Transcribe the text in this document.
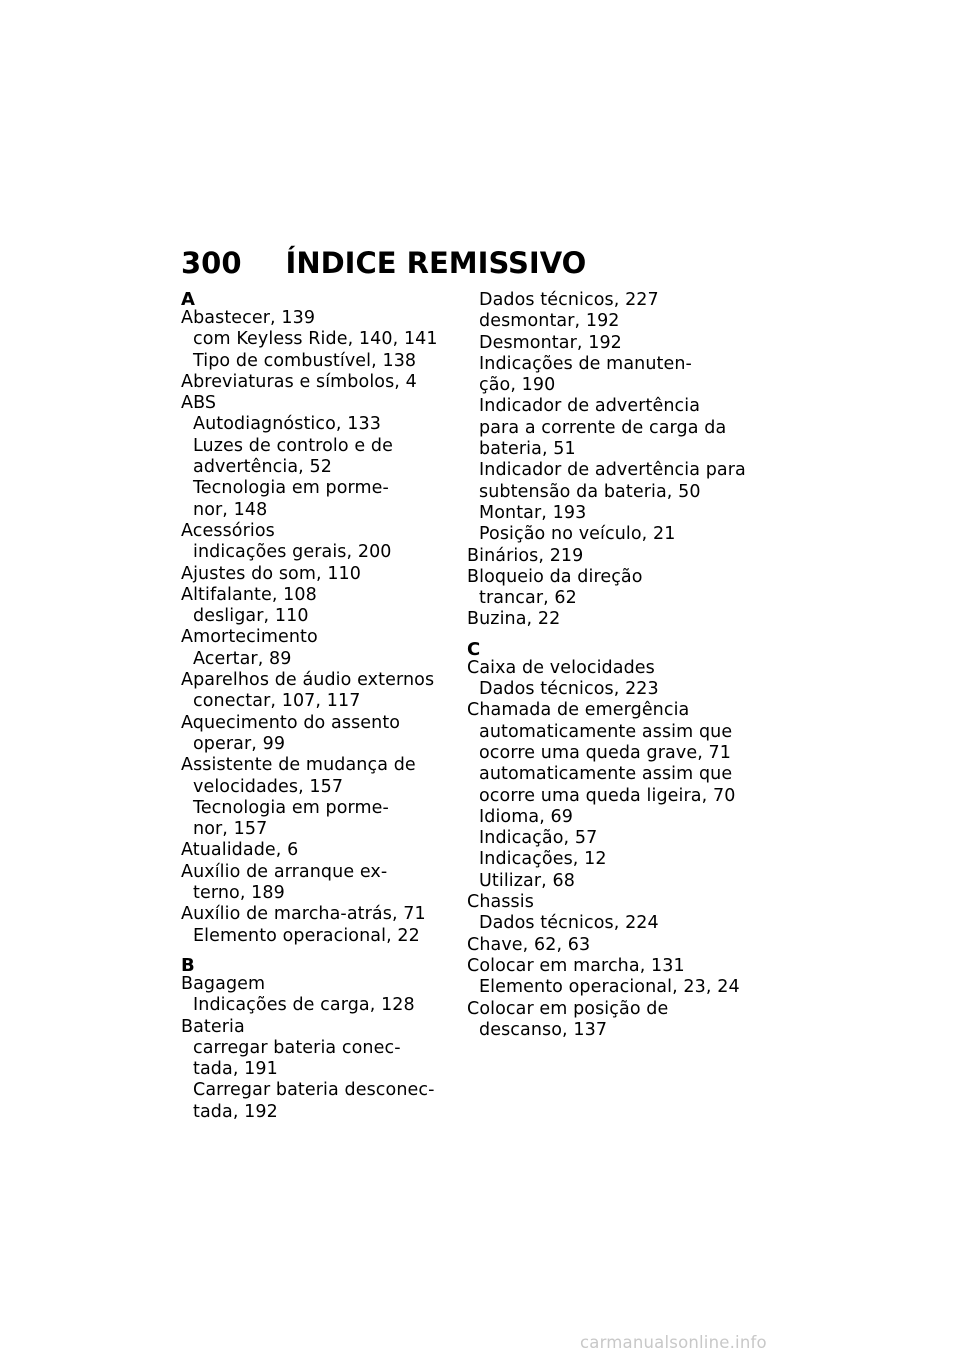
300 ÍNDICE REMISSIVO
A
Abastecer, 139
com Keyless Ride, 140, 141
Tipo de combustível, 138
Abreviaturas e símbolos, 4
ABS
Autodiagnóstico, 133
Luzes de controlo e de
advertência, 52
Tecnologia em porme-
nor, 148
Acessórios
indicações gerais, 200
Ajustes do som, 110
Altifalante, 108
desligar, 110
Amortecimento
Acertar, 89
Aparelhos de áudio externos
conectar, 107, 117
Aquecimento do assento
operar, 99
Assistente de mudança de
velocidades, 157
Tecnologia em porme-
nor, 157
Atualidade, 6
Auxílio de arranque ex-
terno, 189
Auxílio de marcha-atrás, 71
Elemento operacional, 22
B
Bagagem
Indicações de carga, 128
Bateria
carregar bateria conec-
tada, 191
Carregar bateria desconec-
tada, 192
Dados técnicos, 227
desmontar, 192
Desmontar, 192
Indicações de manuten-
ção, 190
Indicador de advertência
para a corrente de carga da
bateria, 51
Indicador de advertência para
subtensão da bateria, 50
Montar, 193
Posição no veículo, 21
Binários, 219
Bloqueio da direção
trancar, 62
Buzina, 22
C
Caixa de velocidades
Dados técnicos, 223
Chamada de emergência
automaticamente assim que
ocorre uma queda grave, 71
automaticamente assim que
ocorre uma queda ligeira, 70
Idioma, 69
Indicação, 57
Indicações, 12
Utilizar, 68
Chassis
Dados técnicos, 224
Chave, 62, 63
Colocar em marcha, 131
Elemento operacional, 23, 24
Colocar em posição de
descanso, 137
carmanualsonline.info
